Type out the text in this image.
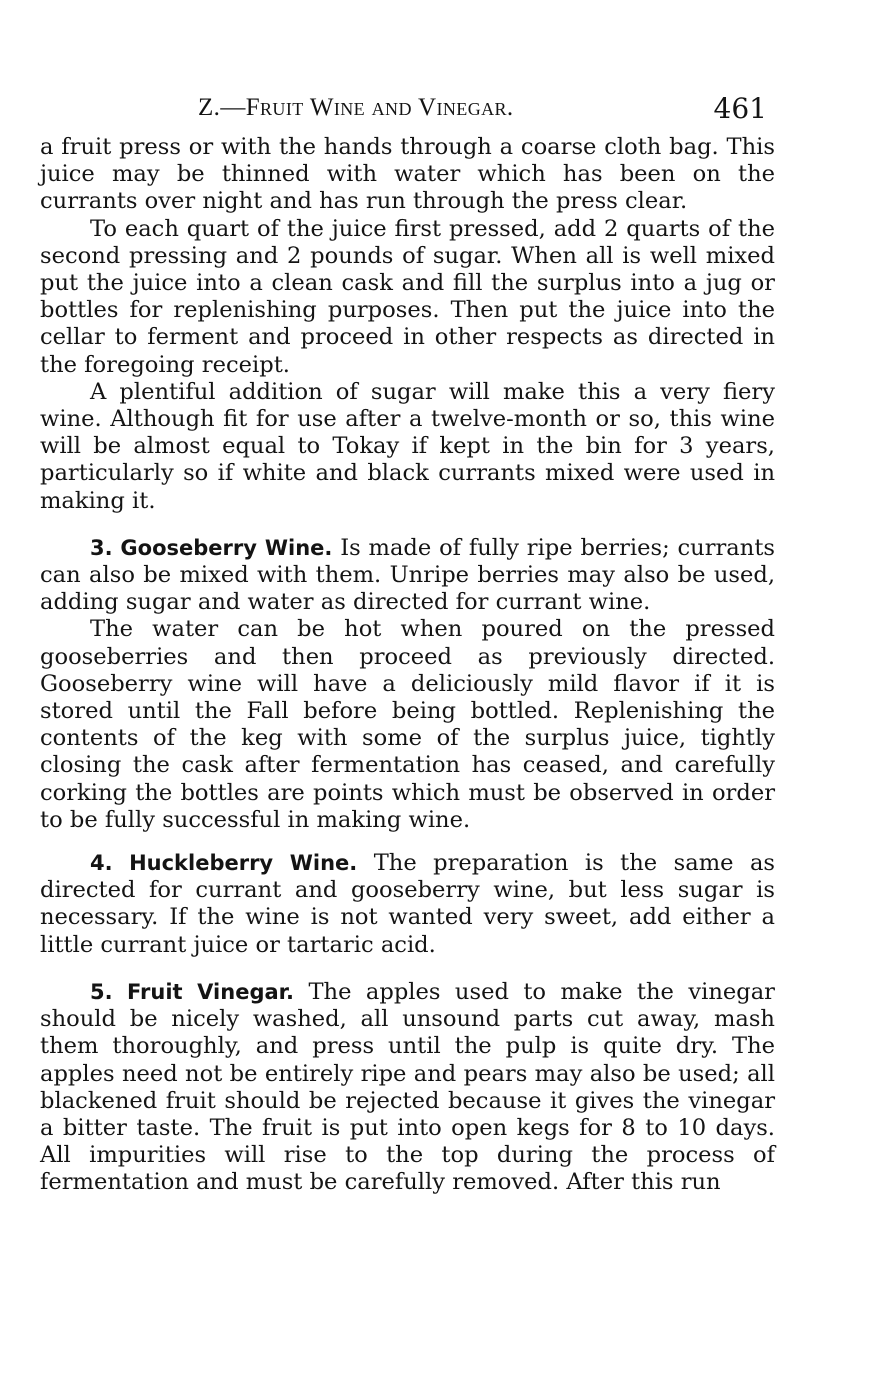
Z.—Fruit Wine and Vinegar.	461

a fruit press or with the hands through a coarse cloth bag. This juice may be thinned with water which has been on the currants over night and has run through the press clear.

To each quart of the juice first pressed, add 2 quarts of the second pressing and 2 pounds of sugar. When all is well mixed put the juice into a clean cask and fill the surplus into a jug or bottles for replenishing purposes. Then put the juice into the cellar to ferment and proceed in other respects as directed in the foregoing receipt.

A plentiful addition of sugar will make this a very fiery wine. Although fit for use after a twelve-month or so, this wine will be almost equal to Tokay if kept in the bin for 3 years, particularly so if white and black currants mixed were used in making it.

3. Gooseberry Wine. Is made of fully ripe berries; currants can also be mixed with them. Unripe berries may also be used, adding sugar and water as directed for currant wine.

The water can be hot when poured on the pressed gooseberries and then proceed as previously directed. Gooseberry wine will have a deliciously mild flavor if it is stored until the Fall before being bottled. Replenishing the contents of the keg with some of the surplus juice, tightly closing the cask after fermentation has ceased, and carefully corking the bottles are points which must be observed in order to be fully successful in making wine.

4. Huckleberry Wine. The preparation is the same as directed for currant and gooseberry wine, but less sugar is necessary. If the wine is not wanted very sweet, add either a little currant juice or tartaric acid.

5. Fruit Vinegar. The apples used to make the vinegar should be nicely washed, all unsound parts cut away, mash them thoroughly, and press until the pulp is quite dry. The apples need not be entirely ripe and pears may also be used; all blackened fruit should be rejected because it gives the vinegar a bitter taste. The fruit is put into open kegs for 8 to 10 days. All impurities will rise to the top during the process of fermentation and must be carefully removed. After this run
